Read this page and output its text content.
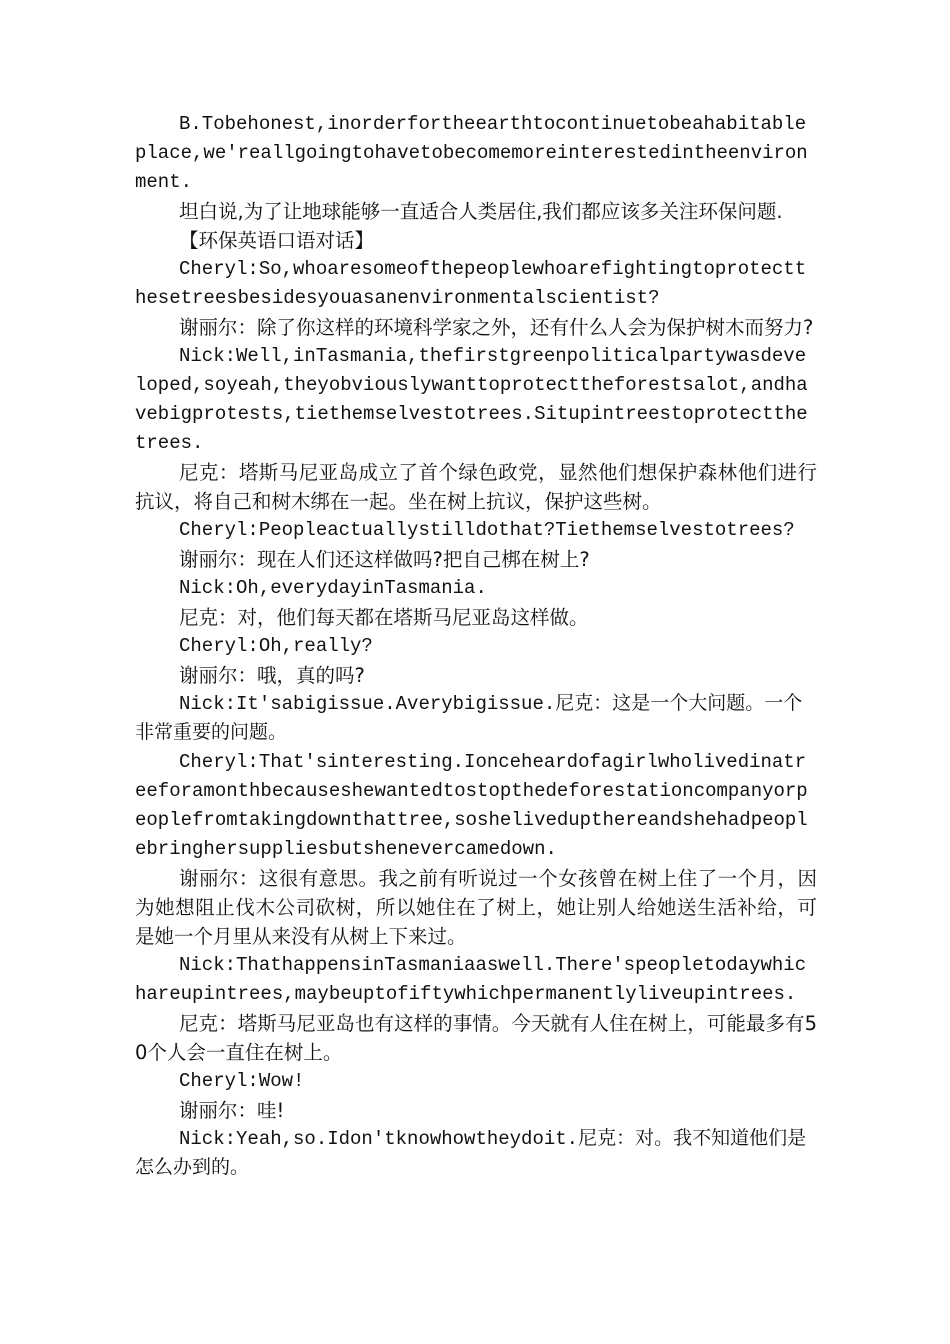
B.Tobehonest,inorderfortheearthtocontinuetobeahabitableplace,we'reallgoingtohavetobecomemoreinterestedintheenvironment.

坦白说,为了让地球能够一直适合人类居住,我们都应该多关注环保问题.

【环保英语口语对话】

Cheryl:So,whoaresomeofthepeoplewhoarefightingtoprotectthesetreesbesidesyouasanenvironmentalscientist?

谢丽尔：除了你这样的环境科学家之外，还有什么人会为保护树木而努力?

Nick:Well,inTasmania,thefirstgreenpoliticalpartywasdeveloped,soyeah,theyobviouslywanttoprotecttheforestsalot,andhavebigprotests,tiethemselvestotrees.Situpintreestoprotectthetrees.

尼克：塔斯马尼亚岛成立了首个绿色政党，显然他们想保护森林他们进行抗议，将自己和树木绑在一起。坐在树上抗议，保护这些树。

Cheryl:Peopleactuallystilldothat?Tiethemselvestotrees?

谢丽尔：现在人们还这样做吗?把自己梆在树上?

Nick:Oh,everydayinTasmania.

尼克：对，他们每天都在塔斯马尼亚岛这样做。

Cheryl:Oh,really?

谢丽尔：哦，真的吗?

Nick:It'sabigissue.Averybigissue.尼克：这是一个大问题。一个非常重要的问题。

Cheryl:That'sinteresting.Ionceheardofagirlwholivedinatreeforamonthbecauseshewantedtostopthedeforestationcompanyorpeoplefromtakingdownthattree,soshelivedupthereandshehadpeoplebringhersuppliesbutshenevercamedown.

谢丽尔：这很有意思。我之前有听说过一个女孩曾在树上住了一个月，因为她想阻止伐木公司砍树，所以她住在了树上，她让别人给她送生活补给，可是她一个月里从来没有从树上下来过。

Nick:ThathappensinTasmaniaaswell.There'speopletodaywhichareupintrees,maybeuptofiftywhichpermanentlyliveupintrees.

尼克：塔斯马尼亚岛也有这样的事情。今天就有人住在树上，可能最多有50个人会一直住在树上。

Cheryl:Wow!

谢丽尔：哇!

Nick:Yeah,so.Idon'tknowhowtheydoit.尼克：对。我不知道他们是怎么办到的。
